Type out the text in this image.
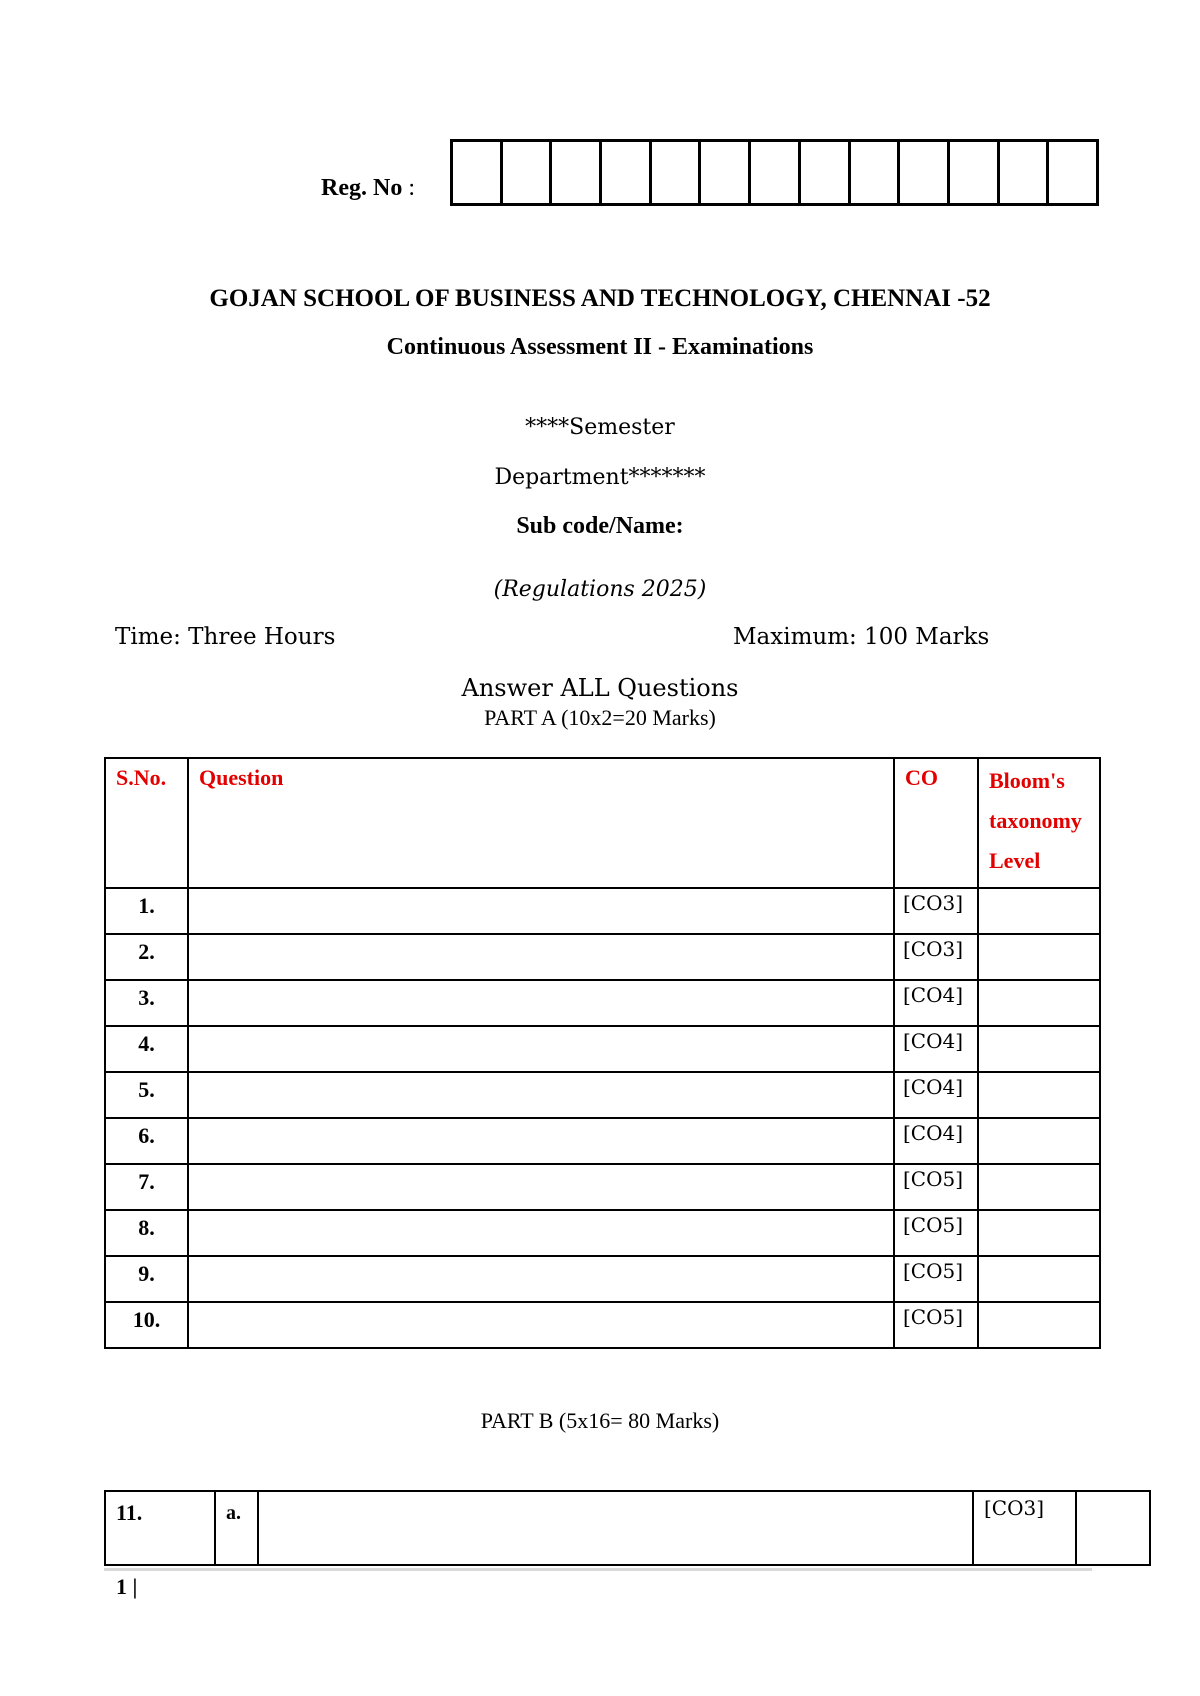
Reg. No :
GOJAN SCHOOL OF BUSINESS AND TECHNOLOGY, CHENNAI -52
Continuous Assessment II - Examinations
****Semester
Department*******
Sub code/Name:
(Regulations 2025)
Time: Three Hours	Maximum: 100 Marks
Answer ALL Questions
PART A (10x2=20 Marks)
S.No.	Question	CO	Bloom's
taxonomy
Level

1.		[CO3]	
2.		[CO3]	
3.		[CO4]	
4.		[CO4]	
5.		[CO4]	
6.		[CO4]	
7.		[CO5]	
8.		[CO5]	
9.		[CO5]	
10.		[CO5]	
PART B (5x16= 80 Marks)
11.	a.		[CO3]	
1 |
